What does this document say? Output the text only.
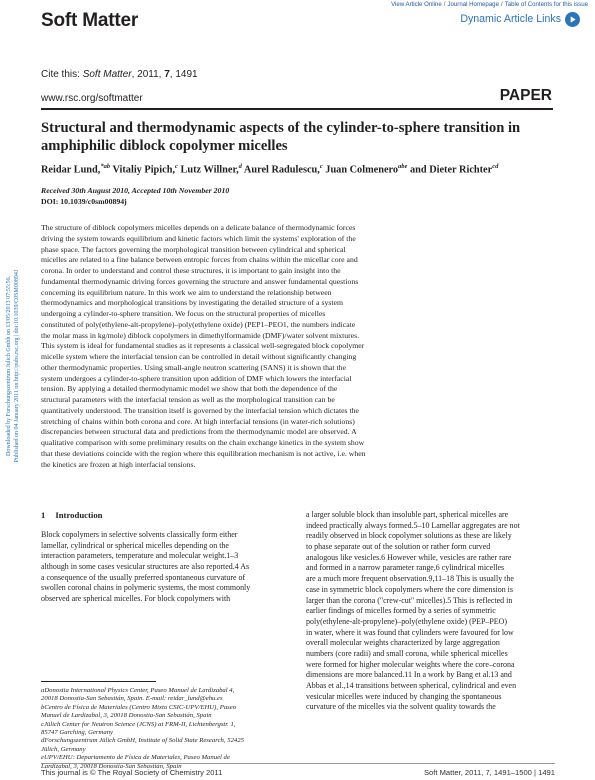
View Article Online / Journal Homepage / Table of Contents for this issue
Soft Matter	Dynamic Article Links
Cite this: Soft Matter, 2011, 7, 1491
www.rsc.org/softmatter	PAPER
Structural and thermodynamic aspects of the cylinder-to-sphere transition in amphiphilic diblock copolymer micelles
Reidar Lund,$^{*ab}$ Vitaliy Pipich,$^c$ Lutz Willner,$^d$ Aurel Radulescu,$^c$ Juan Colmenero$^{abe}$ and Dieter Richter$^{cd}$
Received 30th August 2010, Accepted 10th November 2010
DOI: 10.1039/c0sm00894j
Downloaded by Forschungszentrum Julich Gmbh on 13/05/2013 07:55:56. Published on 04 January 2011 on http://pubs.rsc.org | doi:10.1039/C0SM00894J
The structure of diblock copolymers micelles depends on a delicate balance of thermodynamic forces
driving the system towards equilibrium and kinetic factors which limit the systems' exploration of the
phase space. The factors governing the morphological transition between cylindrical and spherical
micelles are related to a fine balance between entropic forces from chains within the micellar core and
corona. In order to understand and control these structures, it is important to gain insight into the
fundamental thermodynamic driving forces governing the structure and answer fundamental questions
concerning its equilibrium nature. In this work we aim to understand the relationship between
thermodynamics and morphological transitions by investigating the detailed structure of a system
undergoing a cylinder-to-sphere transition. We focus on the structural properties of micelles
constituted of poly(ethylene-alt-propylene)–poly(ethylene oxide) (PEP1–PEO1, the numbers indicate
the molar mass in kg/mole) diblock copolymers in dimethylformamide (DMF)/water solvent mixtures.
This system is ideal for fundamental studies as it represents a classical well-segregated block copolymer
micelle system where the interfacial tension can be controlled in detail without significantly changing
other thermodynamic properties. Using small-angle neutron scattering (SANS) it is shown that the
system undergoes a cylinder-to-sphere transition upon addition of DMF which lowers the interfacial
tension. By applying a detailed thermodynamic model we show that both the dependence of the
structural parameters with the interfacial tension as well as the morphological transition can be
quantitatively understood. The transition itself is governed by the interfacial tension which dictates the
stretching of chains within both corona and core. At high interfacial tensions (in water-rich solutions)
discrepancies between structural data and predictions from the thermodynamic model are observed. A
qualitative comparison with some preliminary results on the chain exchange kinetics in the system show
that these deviations coincide with the region where this equilibration mechanism is not active, i.e. when
the kinetics are frozen at high interfacial tensions.
1 Introduction
Block copolymers in selective solvents classically form either
lamellar, cylindrical or spherical micelles depending on the
interaction parameters, temperature and molecular weight.1–3
although in some cases vesicular structures are also reported.4 As
a consequence of the usually preferred spontaneous curvature of
swollen coronal chains in polymeric systems, the most commonly
observed are spherical micelles. For block copolymers with
a larger soluble block than insoluble part, spherical micelles are
indeed practically always formed.5–10 Lamellar aggregates are not
readily observed in block copolymer solutions as these are likely
to phase separate out of the solution or rather form curved
analogous like vesicles.6 However while, vesicles are rather rare
and formed in a narrow parameter range,6 cylindrical micelles
are a much more frequent observation.9,11–18 This is usually the
case in symmetric block copolymers where the core dimension is
larger than the corona ("crew-cut" micelles).5 This is reflected in
earlier findings of micelles formed by a series of symmetric
poly(ethylene-alt-propylene)–poly(ethylene oxide) (PEP–PEO)
in water, where it was found that cylinders were favoured for low
overall molecular weights characterized by large aggregation
numbers (core radii) and small corona, while spherical micelles
were formed for higher molecular weights where the core–corona
dimensions are more balanced.11 In a work by Bang et al.13 and
Abbas et al.,14 transitions between spherical, cylindrical and even
vesicular micelles were induced by changing the spontaneous
curvature of the micelles via the solvent quality towards the
aDonostia International Physics Center, Paseo Manuel de Lardizabal 4,
20018 Donostia-San Sebastián, Spain. E-mail: reidar_lund@ehu.es
bCentro de Física de Materiales (Centro Mixto CSIC-UPV/EHU), Paseo
Manuel de Lardizabal, 3, 20018 Donostia-San Sebastián, Spain
cJülich Center for Neutron Science (JCNS) at FRM-II, Lichtenbergstr. 1,
85747 Garching, Germany
dForschungszentrum Jülich GmbH, Institute of Solid State Research, 52425
Jülich, Germany
eUPV/EHU: Departamento de Física de Materiales, Paseo Manuel de
Lardizabal, 3, 20018 Donostia-San Sebastián, Spain
This journal is © The Royal Society of Chemistry 2011	Soft Matter, 2011, 7, 1491–1500 | 1491
